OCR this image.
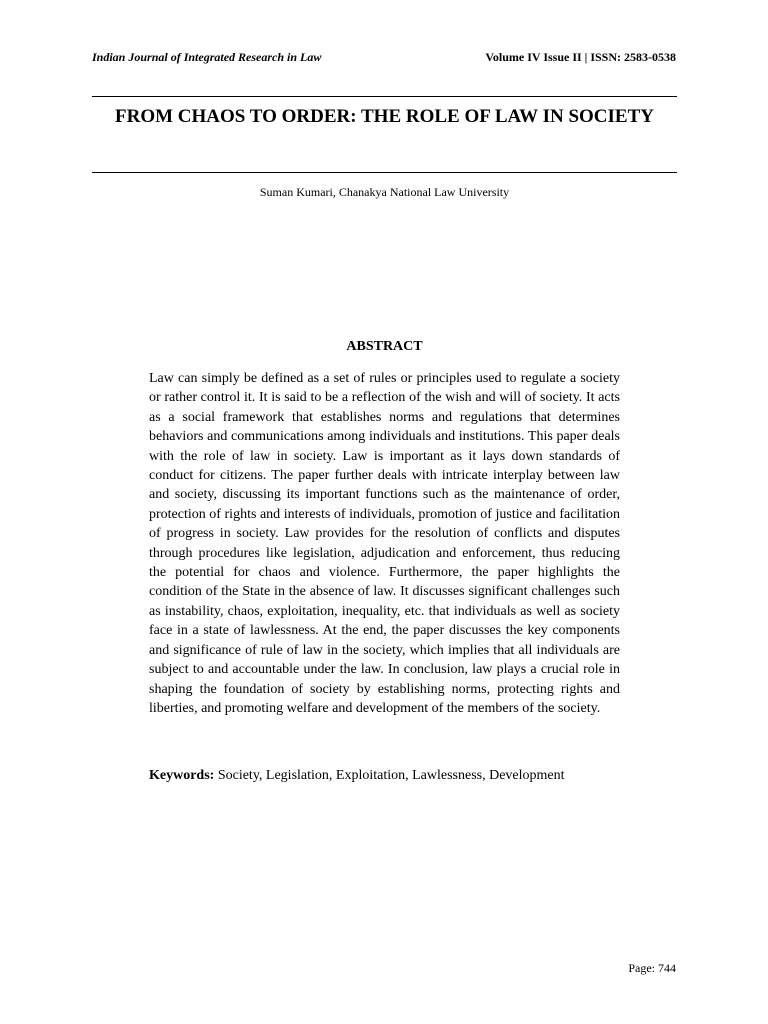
Indian Journal of Integrated Research in Law	Volume IV Issue II | ISSN: 2583-0538
FROM CHAOS TO ORDER: THE ROLE OF LAW IN SOCIETY
Suman Kumari, Chanakya National Law University
ABSTRACT

Law can simply be defined as a set of rules or principles used to regulate a society or rather control it. It is said to be a reflection of the wish and will of society. It acts as a social framework that establishes norms and regulations that determines behaviors and communications among individuals and institutions. This paper deals with the role of law in society. Law is important as it lays down standards of conduct for citizens. The paper further deals with intricate interplay between law and society, discussing its important functions such as the maintenance of order, protection of rights and interests of individuals, promotion of justice and facilitation of progress in society. Law provides for the resolution of conflicts and disputes through procedures like legislation, adjudication and enforcement, thus reducing the potential for chaos and violence. Furthermore, the paper highlights the condition of the State in the absence of law. It discusses significant challenges such as instability, chaos, exploitation, inequality, etc. that individuals as well as society face in a state of lawlessness. At the end, the paper discusses the key components and significance of rule of law in the society, which implies that all individuals are subject to and accountable under the law. In conclusion, law plays a crucial role in shaping the foundation of society by establishing norms, protecting rights and liberties, and promoting welfare and development of the members of the society.

Keywords: Society, Legislation, Exploitation, Lawlessness, Development
Page: 744
